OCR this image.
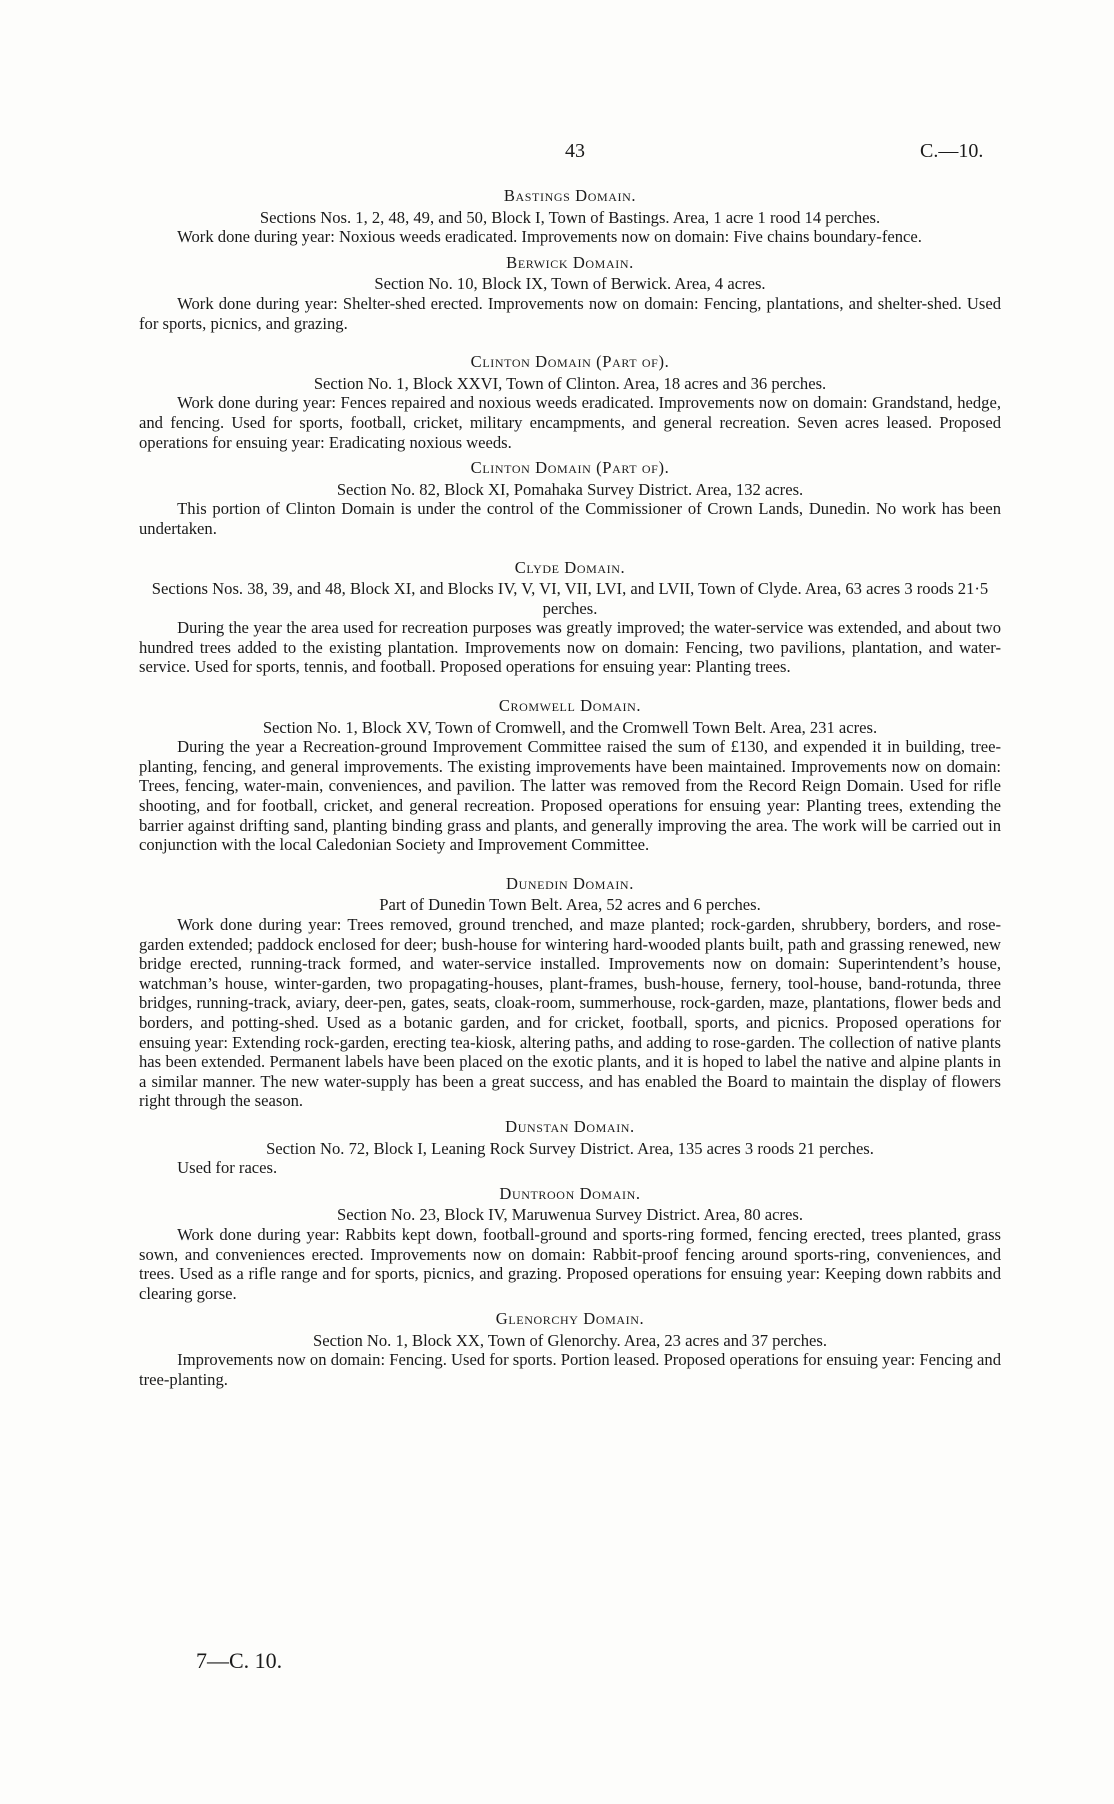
43	C.—10.
Bastings Domain.
Sections Nos. 1, 2, 48, 49, and 50, Block I, Town of Bastings. Area, 1 acre 1 rood 14 perches.

Work done during year: Noxious weeds eradicated. Improvements now on domain: Five chains boundary-fence.

Berwick Domain.
Section No. 10, Block IX, Town of Berwick. Area, 4 acres.

Work done during year: Shelter-shed erected. Improvements now on domain: Fencing, plantations, and shelter-shed. Used for sports, picnics, and grazing.

Clinton Domain (Part of).
Section No. 1, Block XXVI, Town of Clinton. Area, 18 acres and 36 perches.

Work done during year: Fences repaired and noxious weeds eradicated. Improvements now on domain: Grandstand, hedge, and fencing. Used for sports, football, cricket, military encampments, and general recreation. Seven acres leased. Proposed operations for ensuing year: Eradicating noxious weeds.

Clinton Domain (Part of).
Section No. 82, Block XI, Pomahaka Survey District. Area, 132 acres.

This portion of Clinton Domain is under the control of the Commissioner of Crown Lands, Dunedin. No work has been undertaken.

Clyde Domain.
Sections Nos. 38, 39, and 48, Block XI, and Blocks IV, V, VI, VII, LVI, and LVII, Town of Clyde. Area, 63 acres 3 roods 21·5 perches.

During the year the area used for recreation purposes was greatly improved; the water-service was extended, and about two hundred trees added to the existing plantation. Improvements now on domain: Fencing, two pavilions, plantation, and water-service. Used for sports, tennis, and football. Proposed operations for ensuing year: Planting trees.

Cromwell Domain.
Section No. 1, Block XV, Town of Cromwell, and the Cromwell Town Belt. Area, 231 acres.

During the year a Recreation-ground Improvement Committee raised the sum of £130, and expended it in building, tree-planting, fencing, and general improvements. The existing improvements have been maintained. Improvements now on domain: Trees, fencing, water-main, conveniences, and pavilion. The latter was removed from the Record Reign Domain. Used for rifle shooting, and for football, cricket, and general recreation. Proposed operations for ensuing year: Planting trees, extending the barrier against drifting sand, planting binding grass and plants, and generally improving the area. The work will be carried out in conjunction with the local Caledonian Society and Improvement Committee.

Dunedin Domain.
Part of Dunedin Town Belt. Area, 52 acres and 6 perches.

Work done during year: Trees removed, ground trenched, and maze planted; rock-garden, shrubbery, borders, and rose-garden extended; paddock enclosed for deer; bush-house for wintering hard-wooded plants built, path and grassing renewed, new bridge erected, running-track formed, and water-service installed. Improvements now on domain: Superintendent’s house, watchman’s house, winter-garden, two propagating-houses, plant-frames, bush-house, fernery, tool-house, band-rotunda, three bridges, running-track, aviary, deer-pen, gates, seats, cloak-room, summerhouse, rock-garden, maze, plantations, flower beds and borders, and potting-shed. Used as a botanic garden, and for cricket, football, sports, and picnics. Proposed operations for ensuing year: Extending rock-garden, erecting tea-kiosk, altering paths, and adding to rose-garden. The collection of native plants has been extended. Permanent labels have been placed on the exotic plants, and it is hoped to label the native and alpine plants in a similar manner. The new water-supply has been a great success, and has enabled the Board to maintain the display of flowers right through the season.

Dunstan Domain.
Section No. 72, Block I, Leaning Rock Survey District. Area, 135 acres 3 roods 21 perches.

Used for races.

Duntroon Domain.
Section No. 23, Block IV, Maruwenua Survey District. Area, 80 acres.

Work done during year: Rabbits kept down, football-ground and sports-ring formed, fencing erected, trees planted, grass sown, and conveniences erected. Improvements now on domain: Rabbit-proof fencing around sports-ring, conveniences, and trees. Used as a rifle range and for sports, picnics, and grazing. Proposed operations for ensuing year: Keeping down rabbits and clearing gorse.

Glenorchy Domain.
Section No. 1, Block XX, Town of Glenorchy. Area, 23 acres and 37 perches.

Improvements now on domain: Fencing. Used for sports. Portion leased. Proposed operations for ensuing year: Fencing and tree-planting.

7—C. 10.
